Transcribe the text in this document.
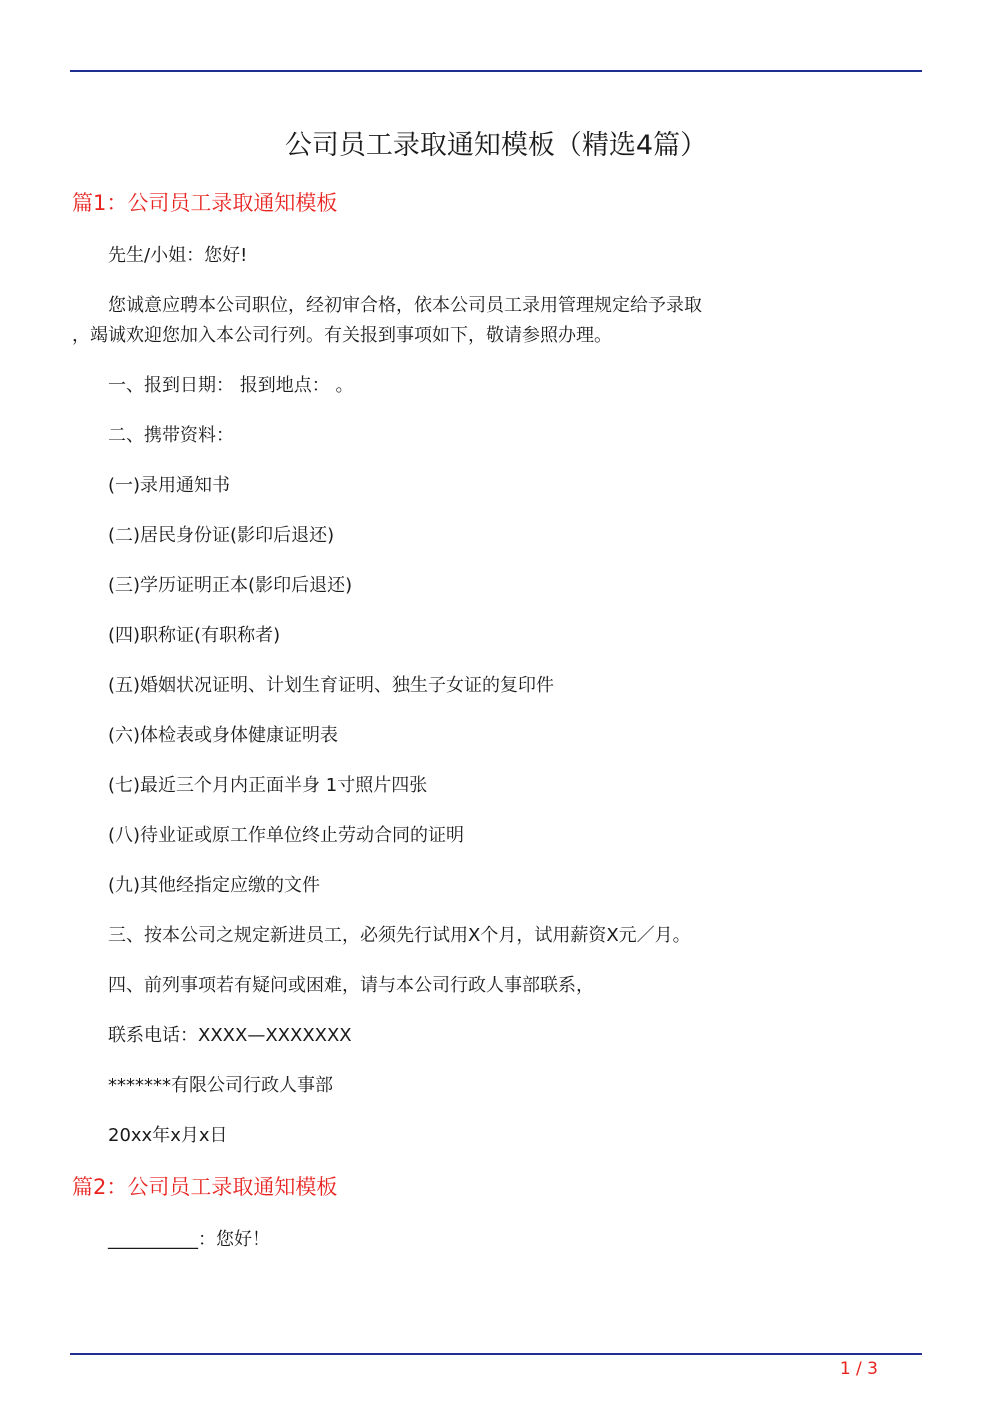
公司员工录取通知模板（精选4篇）
篇1：公司员工录取通知模板

先生/小姐：您好!

您诚意应聘本公司职位，经初审合格，依本公司员工录用管理规定给予录取

，竭诚欢迎您加入本公司行列。有关报到事项如下，敬请参照办理。

一、报到日期： 报到地点： 。

二、携带资料：

(一)录用通知书

(二)居民身份证(影印后退还)

(三)学历证明正本(影印后退还)

(四)职称证(有职称者)

(五)婚姻状况证明、计划生育证明、独生子女证的复印件

(六)体检表或身体健康证明表

(七)最近三个月内正面半身 1寸照片四张

(八)待业证或原工作单位终止劳动合同的证明

(九)其他经指定应缴的文件

三、按本公司之规定新进员工，必须先行试用X个月，试用薪资X元／月。

四、前列事项若有疑问或困难，请与本公司行政人事部联系，

联系电话：XXXX—XXXXXXX

*******有限公司行政人事部

20xx年x月x日

篇2：公司员工录取通知模板

__________：您好！

1 / 3
